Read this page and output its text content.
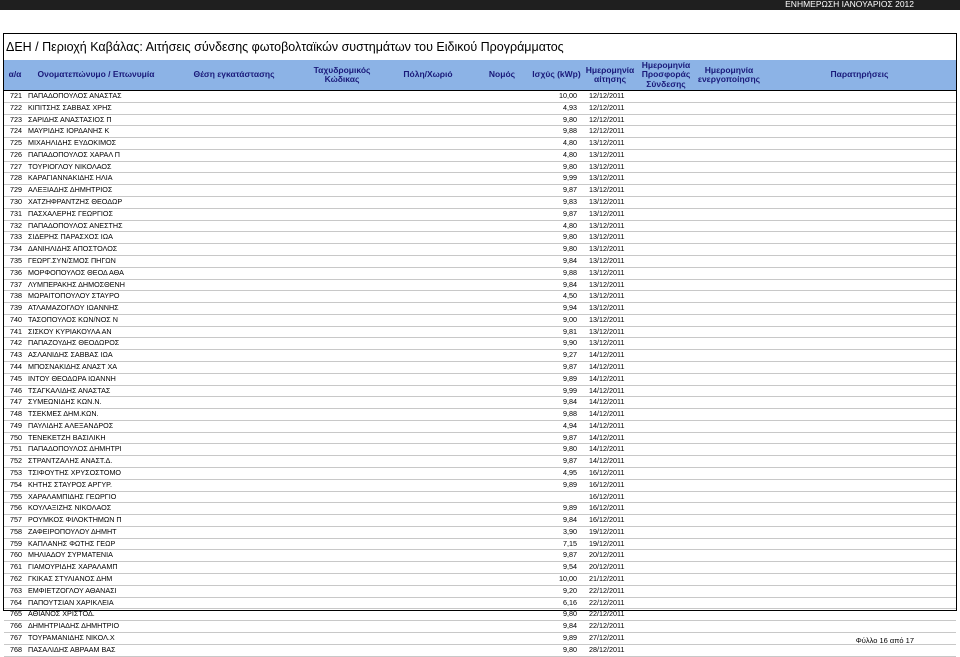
ΕΝΗΜΕΡΩΣΗ ΙΑΝΟΥΑΡΙΟΣ 2012
ΔΕΗ / Περιοχή Καβάλας: Αιτήσεις σύνδεσης φωτοβολταϊκών συστημάτων του Ειδικού Προγράμματος
α/α	Ονοματεπώνυμο / Επωνυμία	Θέση εγκατάστασης	Ταχυδρομικός Κώδικας	Πόλη/Χωριό	Νομός	Ισχύς (kWp)	Ημερομηνία αίτησης	Ημερομηνία Προσφοράς Σύνδεσης	Ημερομηνία ενεργοποίησης	Παρατηρήσεις
721	ΠΑΠΑΔΟΠΟΥΛΟΣ ΑΝΑΣΤΑΣ					10,00	12/12/2011			
722	ΚΙΠΙΤΣΗΣ ΣΑΒΒΑΣ ΧΡΗΣ					4,93	12/12/2011			
723	ΣΑΡΙΔΗΣ ΑΝΑΣΤΑΣΙΟΣ Π					9,80	12/12/2011			
724	ΜΑΥΡΙΔΗΣ ΙΟΡΔΑΝΗΣ Κ					9,88	12/12/2011			
725	ΜΙΧΑΗΛΙΔΗΣ ΕΥΔΟΚΙΜΟΣ					4,80	13/12/2011			
726	ΠΑΠΑΔΟΠΟΥΛΟΣ ΧΑΡΑΛ Π					4,80	13/12/2011			
727	ΤΟΥΡΙΟΓΛΟΥ ΝΙΚΟΛΑΟΣ					9,80	13/12/2011			
728	ΚΑΡΑΓΙΑΝΝΑΚΙΔΗΣ ΗΛΙΑ					9,99	13/12/2011			
729	ΑΛΕΞΙΑΔΗΣ ΔΗΜΗΤΡΙΟΣ					9,87	13/12/2011			
730	ΧΑΤΖΗΦΡΑΝΤΖΗΣ ΘΕΟΔΩΡ					9,83	13/12/2011			
731	ΠΑΣΧΑΛΕΡΗΣ ΓΕΩΡΓΙΟΣ					9,87	13/12/2011			
732	ΠΑΠΑΔΟΠΟΥΛΟΣ ΑΝΕΣΤΗΣ					4,80	13/12/2011			
733	ΣΙΔΕΡΗΣ ΠΑΡΑΣΧΟΣ ΙΩΑ					9,80	13/12/2011			
734	ΔΑΝΙΗΛΙΔΗΣ ΑΠΟΣΤΟΛΟΣ					9,80	13/12/2011			
735	ΓΕΩΡΓ.ΣΥΝ/ΣΜΟΣ ΠΗΓΩΝ					9,84	13/12/2011			
736	ΜΟΡΦΟΠΟΥΛΟΣ ΘΕΟΔ ΑΘΑ					9,88	13/12/2011			
737	ΛΥΜΠΕΡΑΚΗΣ ΔΗΜΟΣΘΕΝΗ					9,84	13/12/2011			
738	ΜΩΡΑΙΤΟΠΟΥΛΟΥ ΣΤΑΥΡΟ					4,50	13/12/2011			
739	ΑΤΛΑΜΑΖΟΓΛΟΥ ΙΩΑΝΝΗΣ					9,94	13/12/2011			
740	ΤΑΣΟΠΟΥΛΟΣ ΚΩΝ/ΝΟΣ Ν					9,00	13/12/2011			
741	ΣΙΣΚΟΥ ΚΥΡΙΑΚΟΥΛΑ ΑΝ					9,81	13/12/2011			
742	ΠΑΠΑΖΟΥΔΗΣ ΘΕΟΔΩΡΟΣ					9,90	13/12/2011			
743	ΑΣΛΑΝΙΔΗΣ ΣΑΒΒΑΣ ΙΩΑ					9,27	14/12/2011			
744	ΜΠΟΣΝΑΚΙΔΗΣ ΑΝΑΣΤ ΧΑ					9,87	14/12/2011			
745	ΙΝΤΟΥ ΘΕΟΔΩΡΑ ΙΩΑΝΝΗ					9,89	14/12/2011			
746	ΤΣΑΓΚΑΛΙΔΗΣ ΑΝΑΣΤΑΣ					9,99	14/12/2011			
747	ΣΥΜΕΩΝΙΔΗΣ ΚΩΝ.Ν.					9,84	14/12/2011			
748	ΤΣΕΚΜΕΣ ΔΗΜ.ΚΩΝ.					9,88	14/12/2011			
749	ΠΑΥΛΙΔΗΣ ΑΛΕΞΑΝΔΡΟΣ					4,94	14/12/2011			
750	ΤΕΝΕΚΕΤΖΗ ΒΑΣΙΛΙΚΗ					9,87	14/12/2011			
751	ΠΑΠΑΔΟΠΟΥΛΟΣ ΔΗΜΗΤΡΙ					9,80	14/12/2011			
752	ΣΤΡΑΝΤΖΑΛΗΣ ΑΝΑΣΤ.Δ.					9,87	14/12/2011			
753	ΤΣΙΦΟΥΤΗΣ ΧΡΥΣΟΣΤΟΜΟ					4,95	16/12/2011			
754	ΚΗΤΗΣ ΣΤΑΥΡΟΣ ΑΡΓΥΡ.					9,89	16/12/2011			
755	ΧΑΡΑΛΑΜΠΙΔΗΣ ΓΕΩΡΓΙΟ						16/12/2011			
756	ΚΟΥΛΑΞΙΖΗΣ ΝΙΚΟΛΑΟΣ					9,89	16/12/2011			
757	ΡΟΥΜΚΟΣ ΦΙΛΟΚΤΗΜΩΝ Π					9,84	16/12/2011			
758	ΖΑΦΕΙΡΟΠΟΥΛΟΥ ΔΗΜΗΤ					3,90	19/12/2011			
759	ΚΑΠΛΑΝΗΣ ΦΩΤΗΣ ΓΕΩΡ					7,15	19/12/2011			
760	ΜΗΛΙΑΔΟΥ ΣΥΡΜΑΤΕΝΙΑ					9,87	20/12/2011			
761	ΓΙΑΜΟΥΡΙΔΗΣ ΧΑΡΑΛΑΜΠ					9,54	20/12/2011			
762	ΓΚΙΚΑΣ ΣΤΥΛΙΑΝΟΣ ΔΗΜ					10,00	21/12/2011			
763	ΕΜΦΙΕΤΖΟΓΛΟΥ ΑΘΑΝΑΣΙ					9,20	22/12/2011			
764	ΠΑΠΟΥΤΣΙΑΝ ΧΑΡΙΚΛΕΙΑ					6,16	22/12/2011			
765	ΑΘΙΑΝΟΣ ΧΡΙΣΤΟΔ.					9,80	22/12/2011			
766	ΔΗΜΗΤΡΙΑΔΗΣ ΔΗΜΗΤΡΙΟ					9,84	22/12/2011			
767	ΤΟΥΡΑΜΑΝΙΔΗΣ ΝΙΚΟΛ.Χ					9,89	27/12/2011			
768	ΠΑΣΑΛΙΔΗΣ ΑΒΡΑΑΜ ΒΑΣ					9,80	28/12/2011			
Φύλλο 16 από 17
